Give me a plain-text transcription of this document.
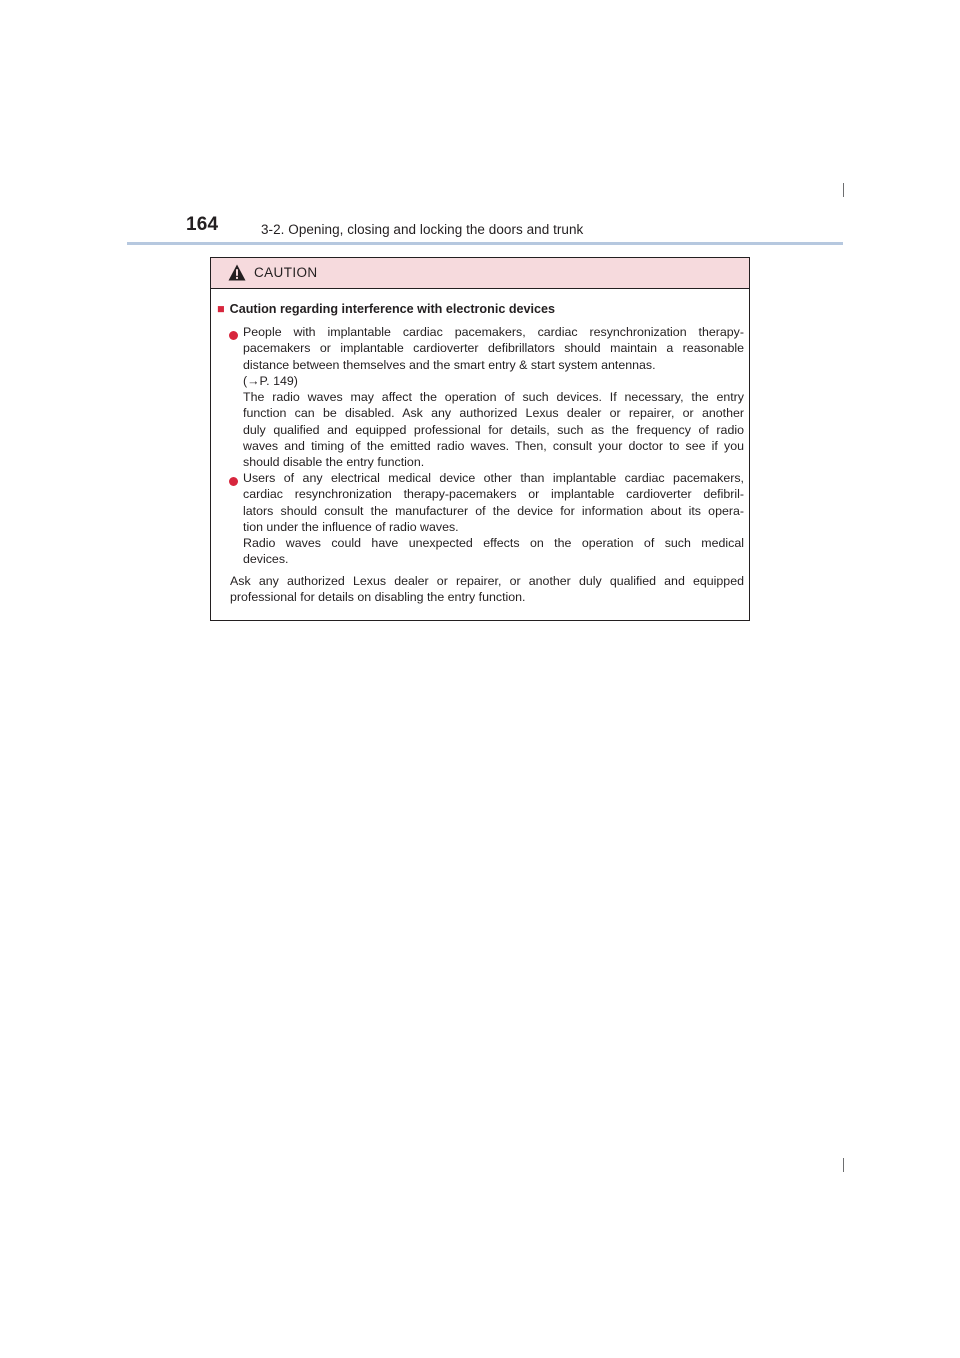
164	3-2. Opening, closing and locking the doors and trunk
CAUTION
■ Caution regarding interference with electronic devices
People with implantable cardiac pacemakers, cardiac resynchronization therapy-
pacemakers or implantable cardioverter defibrillators should maintain a reasonable
distance between themselves and the smart entry & start system antennas.
(→P. 149)
The radio waves may affect the operation of such devices. If necessary, the entry
function can be disabled. Ask any authorized Lexus dealer or repairer, or another
duly qualified and equipped professional for details, such as the frequency of radio
waves and timing of the emitted radio waves. Then, consult your doctor to see if you
should disable the entry function.
Users of any electrical medical device other than implantable cardiac pacemakers,
cardiac resynchronization therapy-pacemakers or implantable cardioverter defibril-
lators should consult the manufacturer of the device for information about its opera-
tion under the influence of radio waves.
Radio waves could have unexpected effects on the operation of such medical
devices.
Ask any authorized Lexus dealer or repairer, or another duly qualified and equipped
professional for details on disabling the entry function.
